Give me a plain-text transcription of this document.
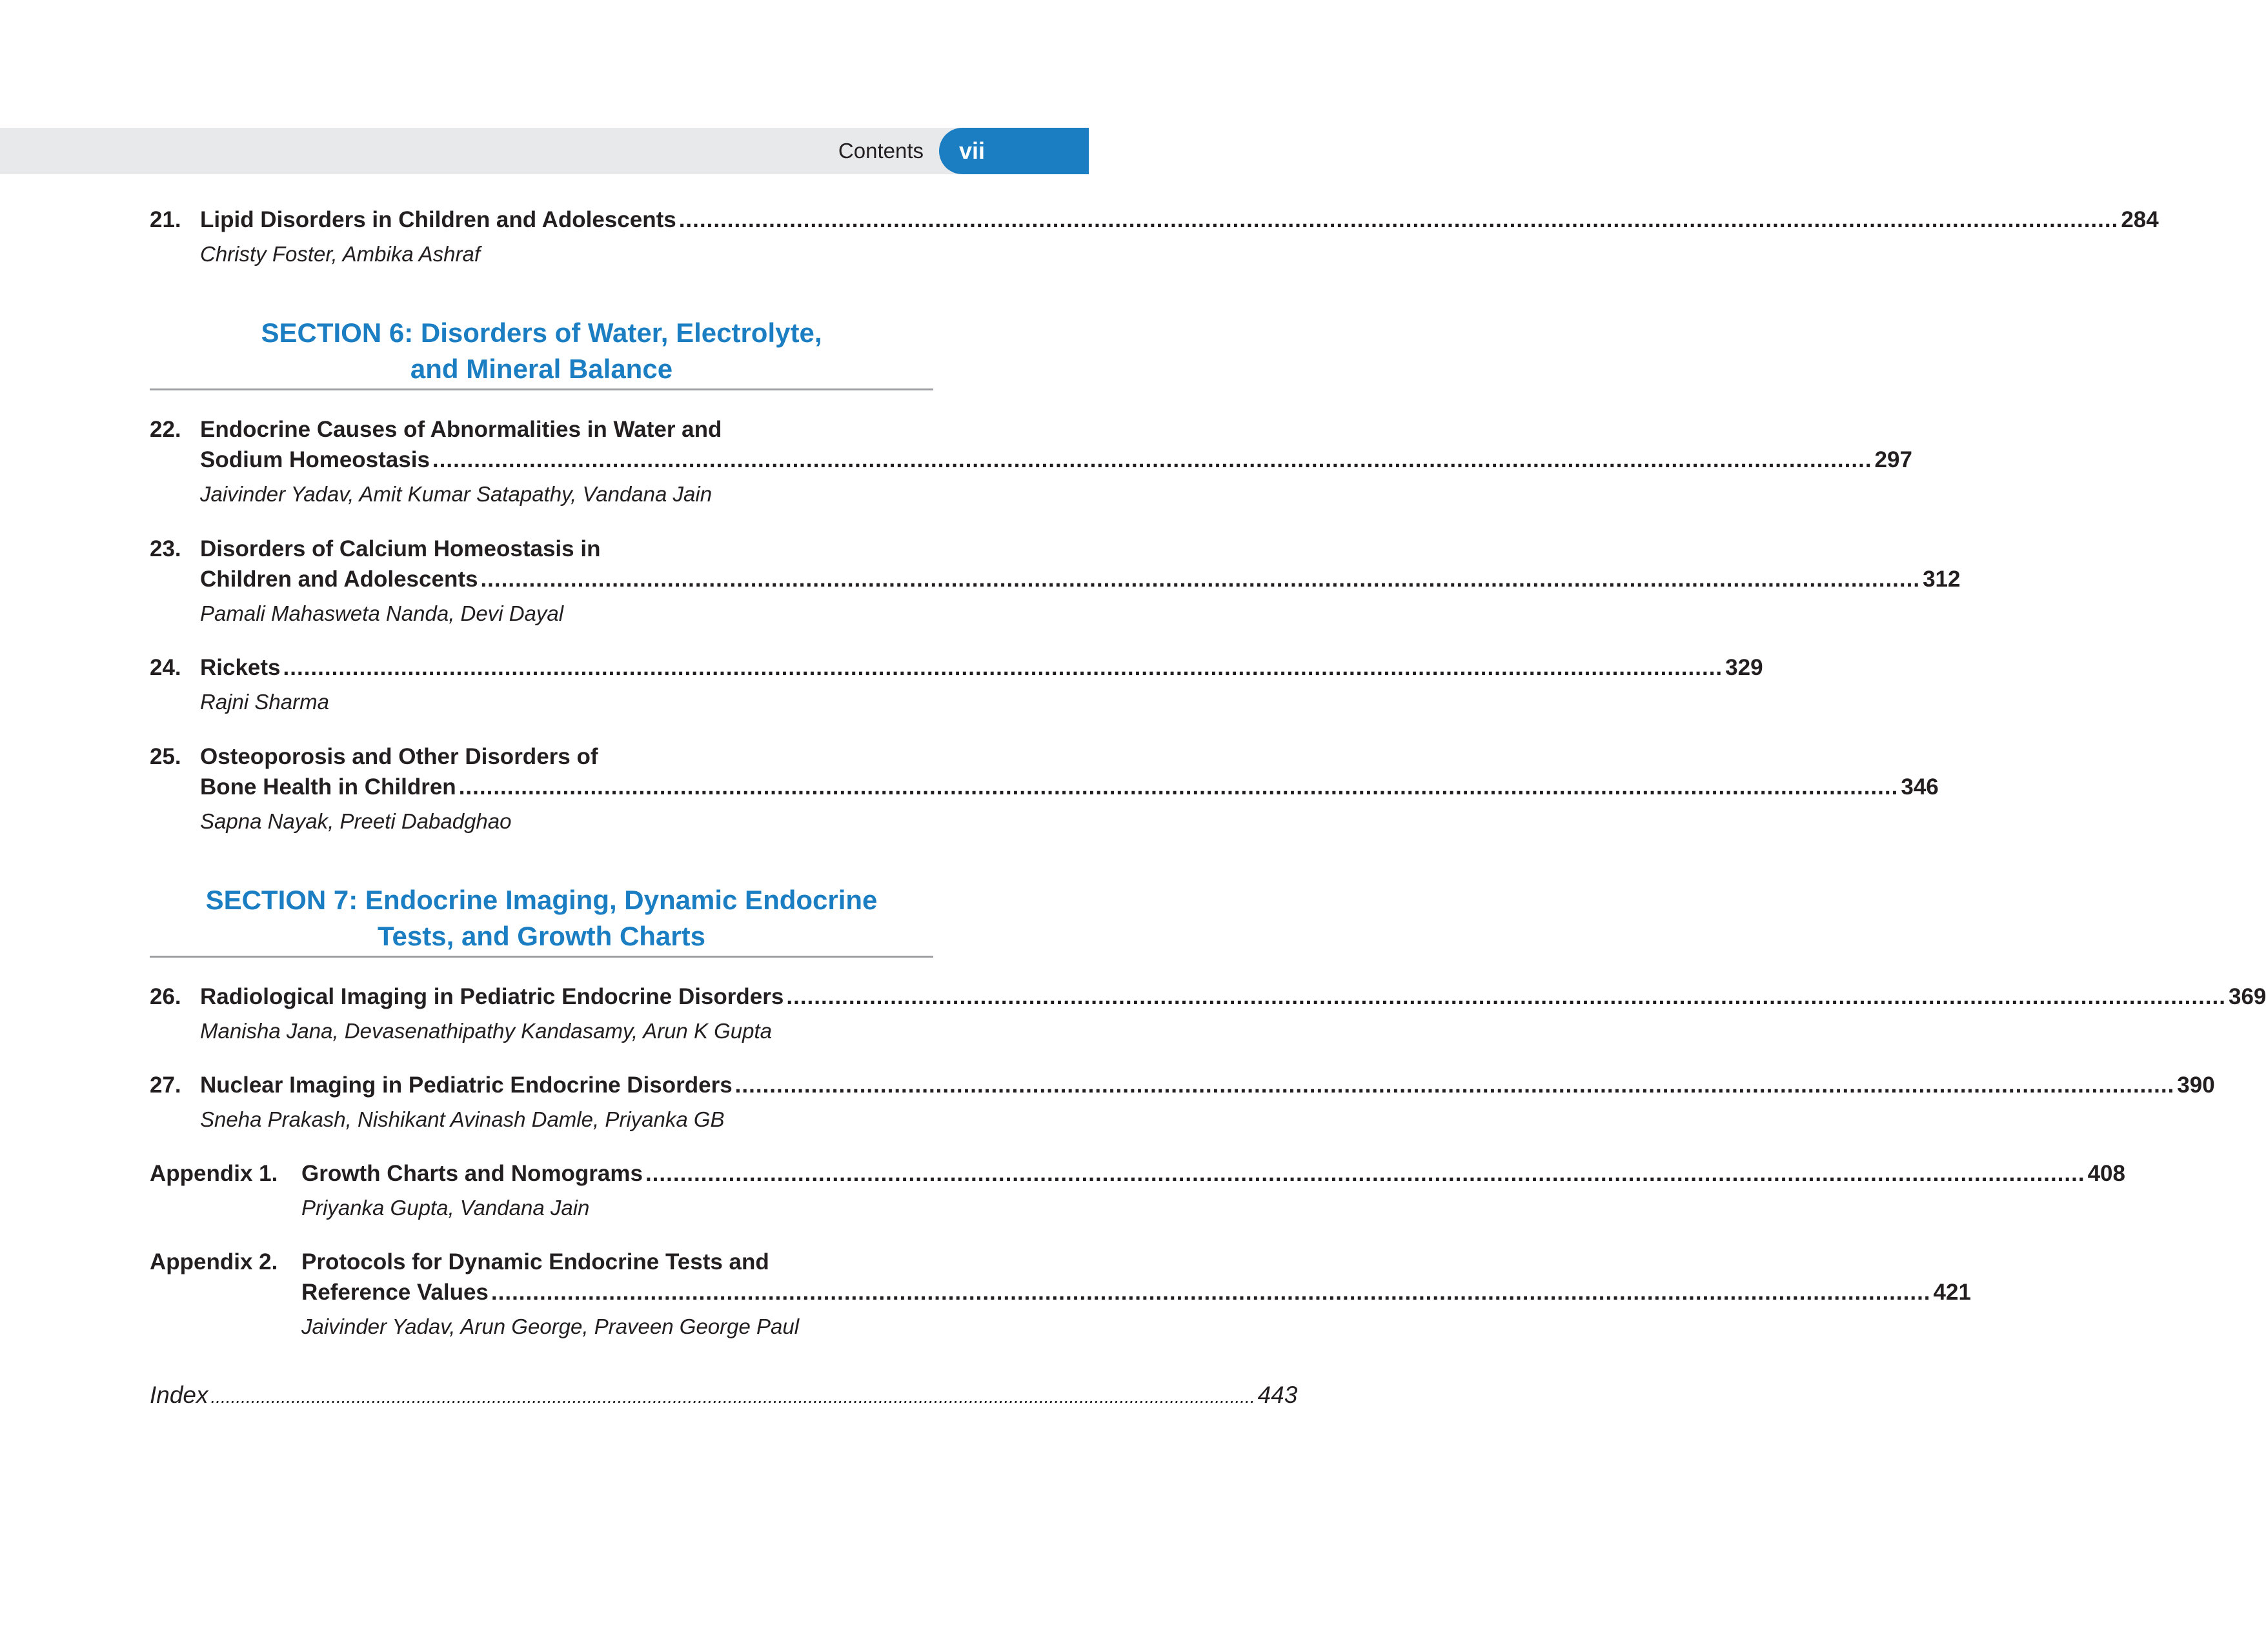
Contents vii
21. Lipid Disorders in Children and Adolescents ................................................................................................................................................................................................................ 284
Christy Foster, Ambika Ashraf
SECTION 6: Disorders of Water, Electrolyte,
and Mineral Balance
22. Endocrine Causes of Abnormalities in Water and
Sodium Homeostasis ................................................................................................................................................................................................................ 297
Jaivinder Yadav, Amit Kumar Satapathy, Vandana Jain
23. Disorders of Calcium Homeostasis in
Children and Adolescents ................................................................................................................................................................................................................ 312
Pamali Mahasweta Nanda, Devi Dayal
24. Rickets ................................................................................................................................................................................................................ 329
Rajni Sharma
25. Osteoporosis and Other Disorders of
Bone Health in Children ................................................................................................................................................................................................................ 346
Sapna Nayak, Preeti Dabadghao
SECTION 7: Endocrine Imaging, Dynamic Endocrine
Tests, and Growth Charts
26. Radiological Imaging in Pediatric Endocrine Disorders ................................................................................................................................................................................................................ 369
Manisha Jana, Devasenathipathy Kandasamy, Arun K Gupta
27. Nuclear Imaging in Pediatric Endocrine Disorders ................................................................................................................................................................................................................ 390
Sneha Prakash, Nishikant Avinash Damle, Priyanka GB
Appendix 1. Growth Charts and Nomograms ................................................................................................................................................................................................................ 408
Priyanka Gupta, Vandana Jain
Appendix 2. Protocols for Dynamic Endocrine Tests and
Reference Values ................................................................................................................................................................................................................ 421
Jaivinder Yadav, Arun George, Praveen George Paul
Index ................................................................................................................................................................................................................ 443
